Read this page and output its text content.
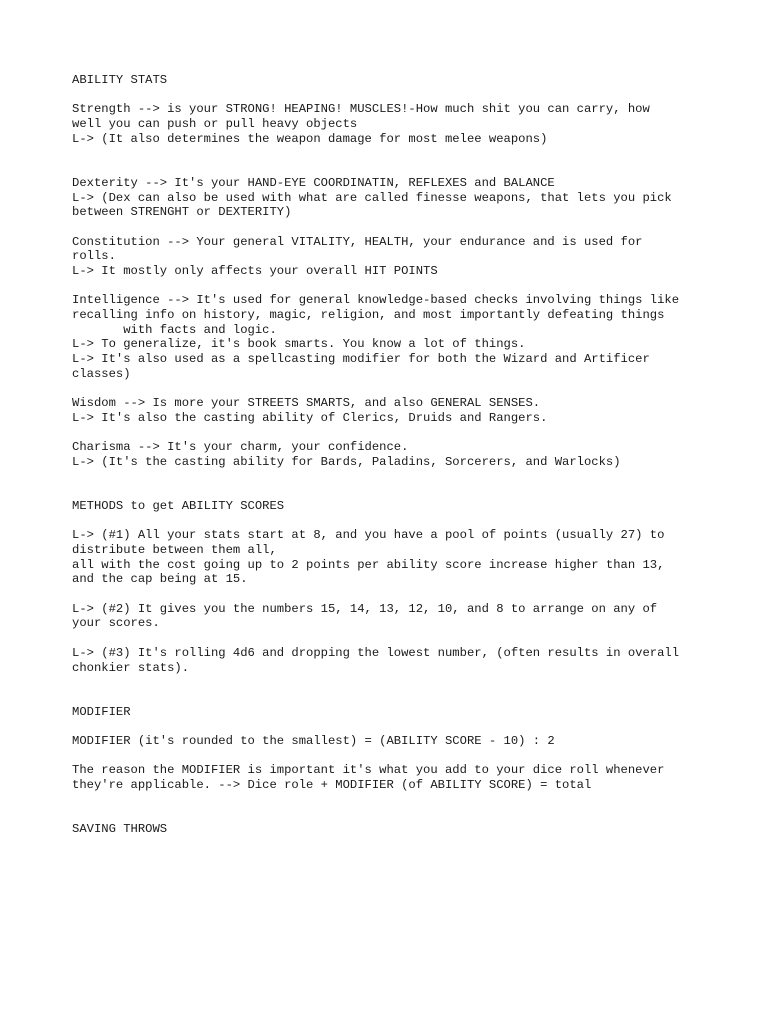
ABILITY STATS
Strength --> is your STRONG! HEAPING! MUSCLES!-How much shit you can carry, how
well you can push or pull heavy objects
L-> (It also determines the weapon damage for most melee weapons)
Dexterity --> It's your HAND-EYE COORDINATIN, REFLEXES and BALANCE
L-> (Dex can also be used with what are called finesse weapons, that lets you pick
between STRENGHT or DEXTERITY)
Constitution --> Your general VITALITY, HEALTH, your endurance and is used for
rolls.
L-> It mostly only affects your overall HIT POINTS
Intelligence --> It's used for general knowledge-based checks involving things like
recalling info on history, magic, religion, and most importantly defeating things
with facts and logic.
L-> To generalize, it's book smarts. You know a lot of things.
L-> It's also used as a spellcasting modifier for both the Wizard and Artificer
classes)
Wisdom --> Is more your STREETS SMARTS, and also GENERAL SENSES.
L-> It's also the casting ability of Clerics, Druids and Rangers.
Charisma --> It's your charm, your confidence.
L-> (It's the casting ability for Bards, Paladins, Sorcerers, and Warlocks)
METHODS to get ABILITY SCORES
L-> (#1) All your stats start at 8, and you have a pool of points (usually 27) to
distribute between them all,
all with the cost going up to 2 points per ability score increase higher than 13,
and the cap being at 15.
L-> (#2) It gives you the numbers 15, 14, 13, 12, 10, and 8 to arrange on any of
your scores.
L-> (#3) It's rolling 4d6 and dropping the lowest number, (often results in overall
chonkier stats).
MODIFIER
MODIFIER (it's rounded to the smallest) = (ABILITY SCORE - 10) : 2
The reason the MODIFIER is important it's what you add to your dice roll whenever
they're applicable. --> Dice role + MODIFIER (of ABILITY SCORE) = total
SAVING THROWS
